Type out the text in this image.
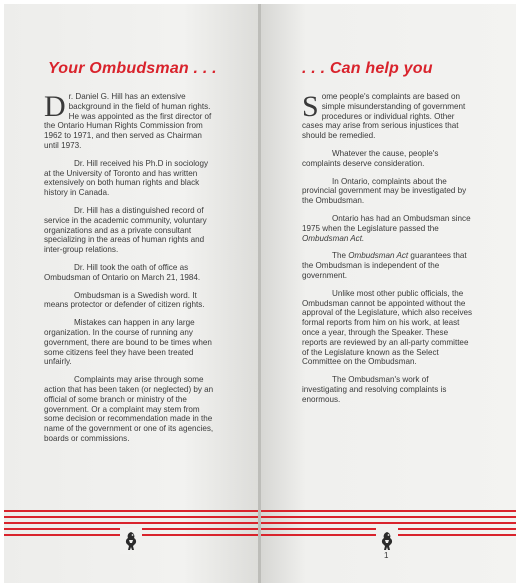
Your Ombudsman . . .

Dr. Daniel G. Hill has an extensive background in the field of human rights. He was appointed as the first director of the Ontario Human Rights Commission from 1962 to 1971, and then served as Chairman until 1973.

Dr. Hill received his Ph.D in sociology at the University of Toronto and has written extensively on both human rights and black history in Canada.

Dr. Hill has a distinguished record of service in the academic community, voluntary organizations and as a private consultant specializing in the areas of human rights and inter-group relations.

Dr. Hill took the oath of office as Ombudsman of Ontario on March 21, 1984.

Ombudsman is a Swedish word. It means protector or defender of citizen rights.

Mistakes can happen in any large organization. In the course of running any government, there are bound to be times when some citizens feel they have been treated unfairly.

Complaints may arise through some action that has been taken (or neglected) by an official of some branch or ministry of the government. Or a complaint may stem from some decision or recommendation made in the name of the government or one of its agencies, boards or commissions.

. . . Can help you

Some people's complaints are based on simple misunderstanding of government procedures or individual rights. Other cases may arise from serious injustices that should be remedied.

Whatever the cause, people's complaints deserve consideration.

In Ontario, complaints about the provincial government may be investigated by the Ombudsman.

Ontario has had an Ombudsman since 1975 when the Legislature passed the Ombudsman Act.

The Ombudsman Act guarantees that the Ombudsman is independent of the government.

Unlike most other public officials, the Ombudsman cannot be appointed without the approval of the Legislature, which also receives formal reports from him on his work, at least once a year, through the Speaker. These reports are reviewed by an all-party committee of the Legislature known as the Select Committee on the Ombudsman.

The Ombudsman's work of investigating and resolving complaints is enormous.

1
